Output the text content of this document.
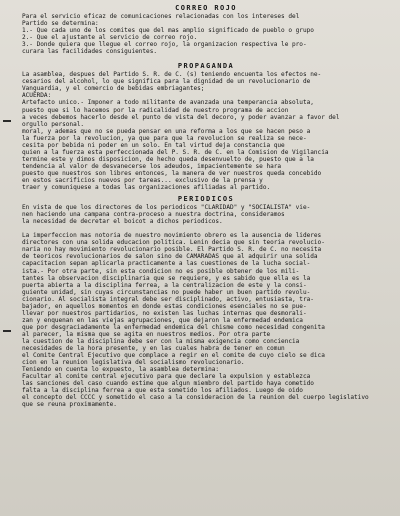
CORREO ROJO
Para el servicio eficaz de comunicaciones relacionadas con los intereses del
Partido se determina:
1.- Que cada uno de los comites que del mas amplio significado de pueblo o grupo
2.- Que el ajustante al servicio de correo rojo.
3.- Donde quiera que llegue el correo rojo, la organizacion respectiva le pro-
curara las facilidades consiguientes.
PROPAGANDA
La asamblea, despues del Partido S. R. de C. (s) teniendo encuenta los efectos ne-
cesarios del alcohol, lo que significa para la dignidad de un revolucionario de
Vanguardia, y el comercio de bebidas embriagantes;
ACUERDA:
Artefacto unico.- Imponer a todo militante de avanzada una temperancia absoluta,
puesto que si lo hacemos por la radicalidad de nuestro programa de accion
a veces debemos hacerlo desde el punto de vista del decoro, y poder avanzar a favor del
orgullo personal.
moral, y ademas que no se pueda pensar en una reforma a los que se hacen peso a
la fuerza por la revolucion, ya que para que la revolucion se realiza se nece-
cesita por bebida ni poder en un solo. En tal virtud deja constancia que
quien a la fuerza esta perfeccionada del P. S. R. de C. en la Comision de Vigilancia
termine este y dimos disposicion, de hecho queda desenvuelto de, puesto que a la
tendencia al valor de desvanecerse los adeudos, impacientemente se hara
puesto que nuestros son libres entonces, la manera de ver nuestros queda concebido
en estos sacrificios nuevos por tareas... exclusivo de la prensa y
traer y comuniquese a todas las organizaciones afiliadas al partido.
PERIODICOS
En vista de que los directores de los periodicos "CLARIDAD" y "SOCIALISTA" vie-
nen haciendo una campana contra-proceso a nuestra doctrina, consideramos
la necesidad de decretar el boicot a dichos periodicos.

La imperfeccion mas notoria de nuestro movimiento obrero es la ausencia de lideres
directores con una solida educacion politica. Lenin decia que sin teoria revolucio-
naria no hay movimiento revolucionario posible. El Partido S. R. de C. no necesita
de teoricos revolucionarios de salon sino de CAMARADAS que al adquirir una solida
capacitacion sepan aplicarla practicamente a las cuestiones de la lucha social-
ista.- Por otra parte, sin esta condicion no es posible obtener de los mili-
tantes la observacion disciplinaria que se requiere, y es sabido que ella es la
puerta abierta a la disciplina ferrea, a la centralizacion de este y la consi-
guiente unidad, sin cuyas circunstancias no puede haber un buen partido revolu-
cionario. Al socialista integral debe ser disciplinado, activo, entusiasta, tra-
bajador, en aquellos momentos en donde estas condiciones esenciales no se pue-
llevar por nuestros partidarios, no existen las luchas internas que desmorali-
zan y enquenan en las viejas agrupaciones, que dejaron la enfermedad endemica
que por desgraciadamente la enfermedad endemica del chisme como necesidad congenita
al parecer, la misma que se agita en nuestros medios. Por otra parte
la cuestion de la disciplina debe ser con la misma exigencia como conciencia
necesidades de la hora presente, y en las cuales habra de tener en comun
el Comite Central Ejecutivo que complace a regir en el comite de cuyo cielo se dica
cion en la reunion legislativa del socialismo revolucionario.
Teniendo en cuenta lo expuesto, la asamblea determina:
Facultar al comite central ejecutivo para que declare la expulsion y establezca
las sanciones del caso cuando estime que algun miembro del partido haya cometido
falta a la disciplina ferrea a que esta sometido los afiliados. Luego de oido
el concepto del CCCC y sometido el caso a la consideracion de la reunion del cuerpo legislativo
que se reuna proximamente.
